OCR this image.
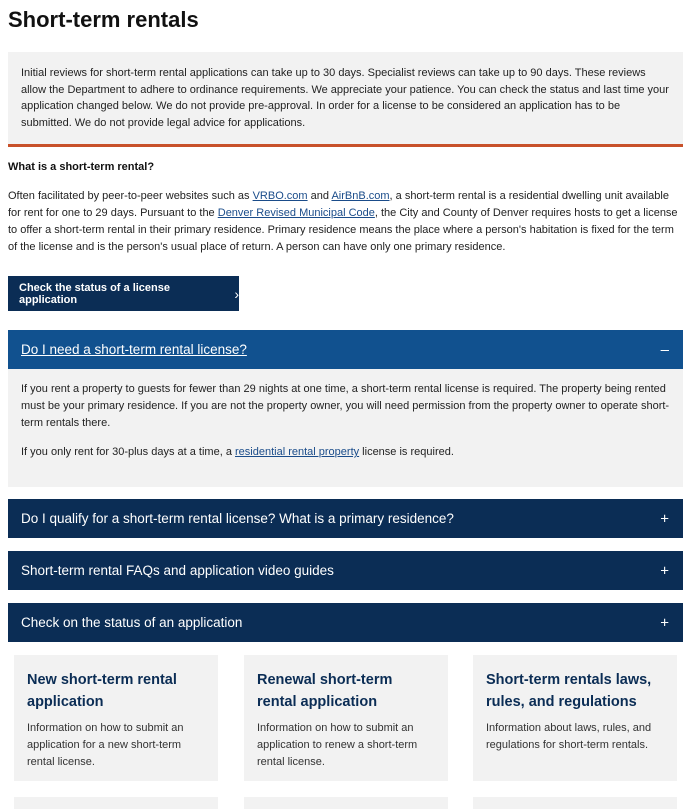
Short-term rentals

Initial reviews for short-term rental applications can take up to 30 days. Specialist reviews can take up to 90 days. These reviews allow the Department to adhere to ordinance requirements. We appreciate your patience. You can check the status and last time your application changed below. We do not provide pre-approval. In order for a license to be considered an application has to be submitted. We do not provide legal advice for applications.

What is a short-term rental?

Often facilitated by peer-to-peer websites such as VRBO.com and AirBnB.com, a short-term rental is a residential dwelling unit available for rent for one to 29 days. Pursuant to the Denver Revised Municipal Code, the City and County of Denver requires hosts to get a license to offer a short-term rental in their primary residence. Primary residence means the place where a person's habitation is fixed for the term of the license and is the person's usual place of return. A person can have only one primary residence.

Check the status of a license application	›
Do I need a short-term rental license?	–

If you rent a property to guests for fewer than 29 nights at one time, a short-term rental license is required. The property being rented must be your primary residence. If you are not the property owner, you will need permission from the property owner to operate short-term rentals there.

If you only rent for 30-plus days at a time, a residential rental property license is required.

Do I qualify for a short-term rental license? What is a primary residence?	+
Short-term rental FAQs and application video guides	+
Check on the status of an application	+
New short-term rental application
Information on how to submit an application for a new short-term rental license.
Renewal short-term rental application
Information on how to submit an application to renew a short-term rental license.
Short-term rentals laws, rules, and regulations
Information about laws, rules, and regulations for short-term rentals.
